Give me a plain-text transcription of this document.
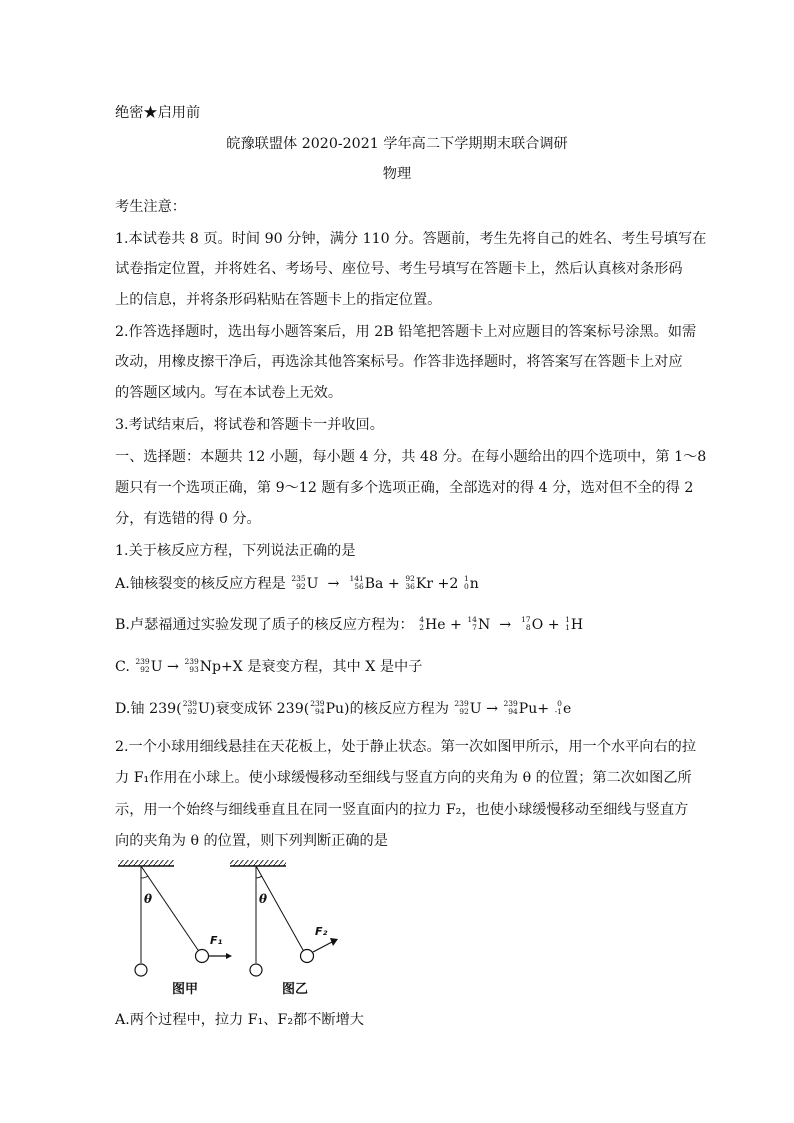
绝密★启用前
皖豫联盟体 2020-2021 学年高二下学期期末联合调研
物理
考生注意：
1.本试卷共 8 页。时间 90 分钟，满分 110 分。答题前，考生先将自己的姓名、考生号填写在
试卷指定位置，并将姓名、考场号、座位号、考生号填写在答题卡上，然后认真核对条形码
上的信息，并将条形码粘贴在答题卡上的指定位置。
2.作答选择题时，选出每小题答案后，用 2B 铅笔把答题卡上对应题目的答案标号涂黑。如需
改动，用橡皮擦干净后，再选涂其他答案标号。作答非选择题时，将答案写在答题卡上对应
的答题区域内。写在本试卷上无效。
3.考试结束后，将试卷和答题卡一并收回。
一、选择题：本题共 12 小题，每小题 4 分，共 48 分。在每小题给出的四个选项中，第 1～8
题只有一个选项正确，第 9～12 题有多个选项正确，全部选对的得 4 分，选对但不全的得 2
分，有选错的得 0 分。
1.关于核反应方程，下列说法正确的是
A.铀核裂变的核反应方程是 235
92 U  → 141
56 Ba + 92
36 Kr +2 1
0 n
B.卢瑟福通过实验发现了质子的核反应方程为： 4
2 He + 14
7 N  → 17
8 O + 1
1 H
C. 239
92 U → 239
93 Np+X 是衰变方程，其中 X 是中子
D.铀 239( 239
92 U)衰变成钚 239( 239
94 Pu)的核反应方程为 239
92 U → 239
94 Pu+	0
-1 e
2.一个小球用细线悬挂在天花板上，处于静止状态。第一次如图甲所示，用一个水平向右的拉
力 F₁作用在小球上。使小球缓慢移动至细线与竖直方向的夹角为 θ 的位置；第二次如图乙所
示，用一个始终与细线垂直且在同一竖直面内的拉力 F₂，也使小球缓慢移动至细线与竖直方
向的夹角为 θ 的位置，则下列判断正确的是
θ	θ
F₁
F₂
图甲	图乙
A.两个过程中，拉力 F₁、F₂都不断增大
